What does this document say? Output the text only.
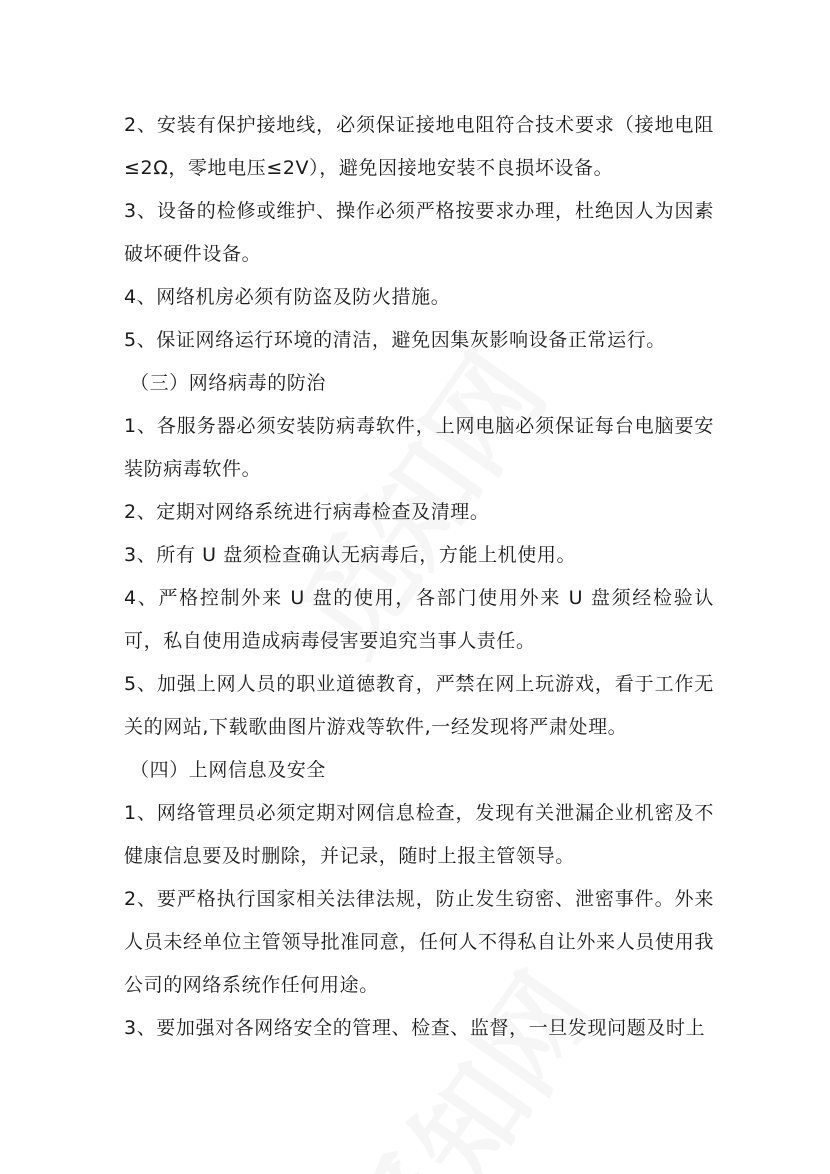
2、安装有保护接地线，必须保证接地电阻符合技术要求（接地电阻≤2Ω，零地电压≤2V），避免因接地安装不良损坏设备。

3、设备的检修或维护、操作必须严格按要求办理，杜绝因人为因素破坏硬件设备。

4、网络机房必须有防盗及防火措施。

5、保证网络运行环境的清洁，避免因集灰影响设备正常运行。

（三）网络病毒的防治

1、各服务器必须安装防病毒软件，上网电脑必须保证每台电脑要安装防病毒软件。

2、定期对网络系统进行病毒检查及清理。

3、所有 U 盘须检查确认无病毒后，方能上机使用。

4、严格控制外来 U 盘的使用，各部门使用外来 U 盘须经检验认可，私自使用造成病毒侵害要追究当事人责任。

5、加强上网人员的职业道德教育，严禁在网上玩游戏，看于工作无关的网站,下载歌曲图片游戏等软件,一经发现将严肃处理。

（四）上网信息及安全

1、网络管理员必须定期对网信息检查，发现有关泄漏企业机密及不健康信息要及时删除，并记录，随时上报主管领导。

2、要严格执行国家相关法律法规，防止发生窃密、泄密事件。外来人员未经单位主管领导批准同意，任何人不得私自让外来人员使用我公司的网络系统作任何用途。

3、要加强对各网络安全的管理、检查、监督，一旦发现问题及时上
